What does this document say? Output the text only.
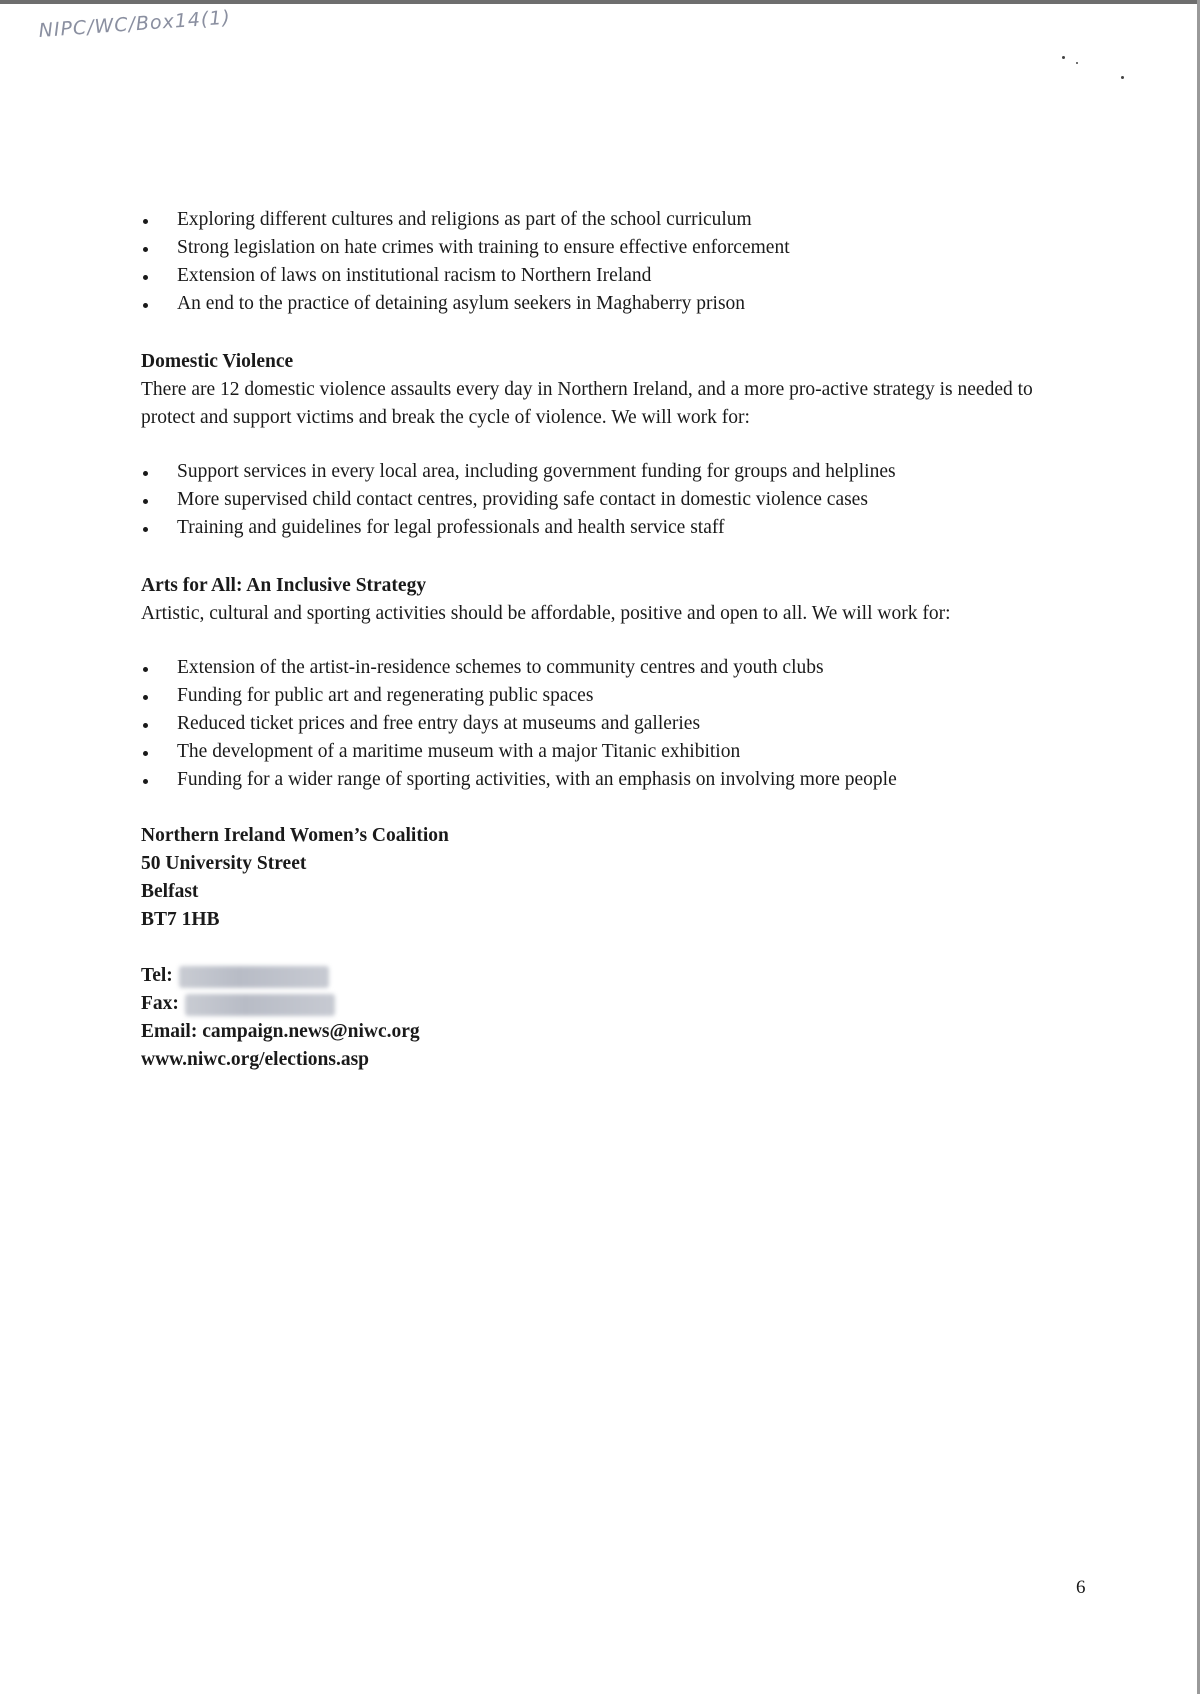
NIPC/WC/Box14(1)
Exploring different cultures and religions as part of the school curriculum
Strong legislation on hate crimes with training to ensure effective enforcement
Extension of laws on institutional racism to Northern Ireland
An end to the practice of detaining asylum seekers in Maghaberry prison
Domestic Violence

There are 12 domestic violence assaults every day in Northern Ireland, and a more pro-active strategy is needed to protect and support victims and break the cycle of violence. We will work for:

Support services in every local area, including government funding for groups and helplines
More supervised child contact centres, providing safe contact in domestic violence cases
Training and guidelines for legal professionals and health service staff
Arts for All: An Inclusive Strategy

Artistic, cultural and sporting activities should be affordable, positive and open to all. We will work for:

Extension of the artist-in-residence schemes to community centres and youth clubs
Funding for public art and regenerating public spaces
Reduced ticket prices and free entry days at museums and galleries
The development of a maritime museum with a major Titanic exhibition
Funding for a wider range of sporting activities, with an emphasis on involving more people
Northern Ireland Women’s Coalition
50 University Street
Belfast
BT7 1HB
Tel:
Fax:
Email: campaign.news@niwc.org
www.niwc.org/elections.asp
6
